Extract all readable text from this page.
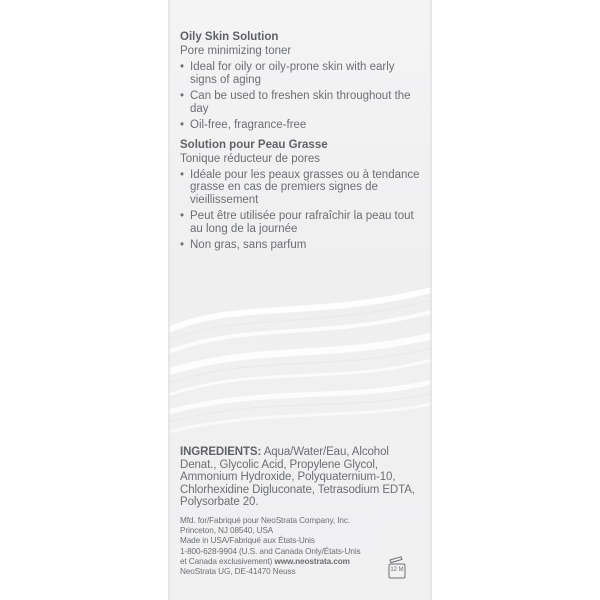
Oily Skin Solution

Pore minimizing toner

• Ideal for oily or oily-prone skin with early signs of aging
• Can be used to freshen skin throughout the day
• Oil-free, fragrance-free

Solution pour Peau Grasse

Tonique réducteur de pores

• Idéale pour les peaux grasses ou à tendance grasse en cas de premiers signes de vieillissement
• Peut être utilisée pour rafraîchir la peau tout au long de la journée
• Non gras, sans parfum
INGREDIENTS: Aqua/Water/Eau, Alcohol Denat., Glycolic Acid, Propylene Glycol, Ammonium Hydroxide, Polyquaternium-10, Chlorhexidine Digluconate, Tetrasodium EDTA, Polysorbate 20.
Mfd. for/Fabriqué pour NeoStrata Company, Inc.
Princeton, NJ 08540, USA
Made in USA/Fabriqué aux États-Unis
1-800-628-9904 (U.S. and Canada Only/États-Unis
et Canada exclusivement) www.neostrata.com
NeoStrata UG, DE-41470 Neuss	12 M
